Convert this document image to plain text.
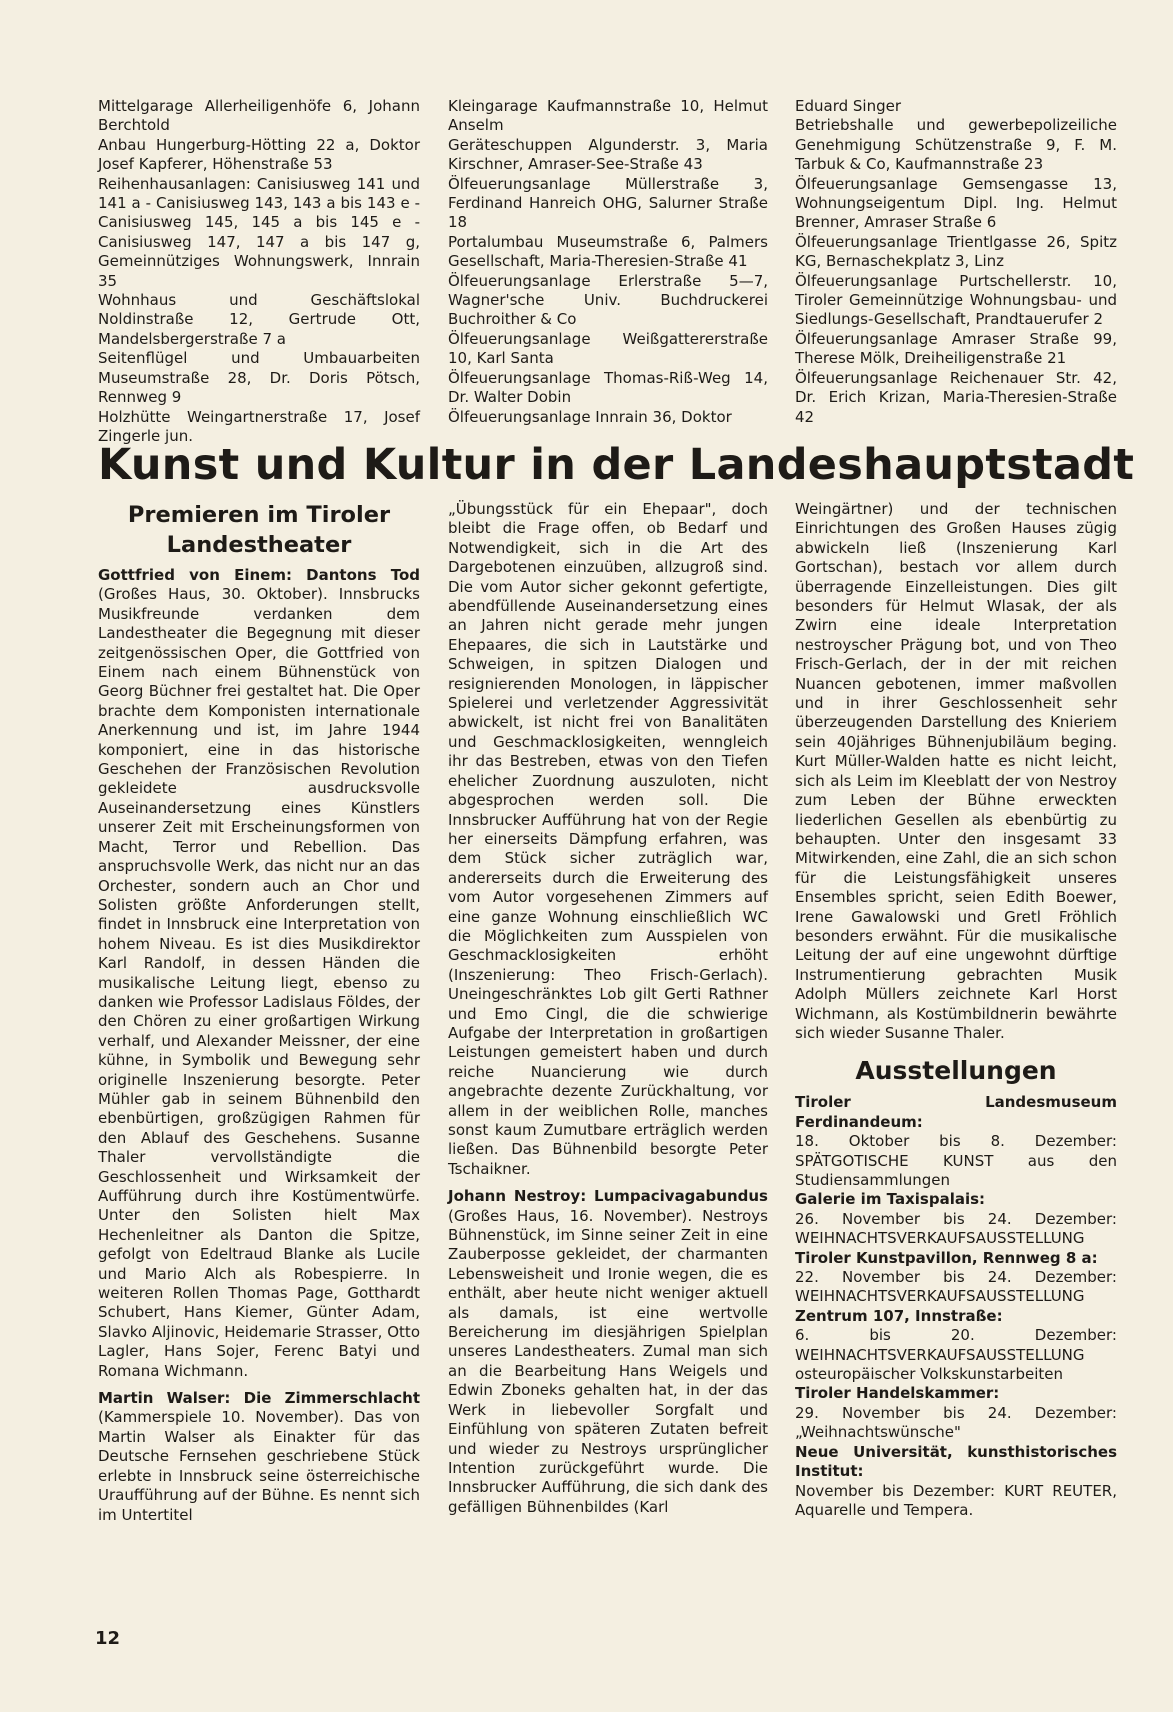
Mittelgarage Allerheiligenhöfe 6, Johann Berchtold

Anbau Hungerburg-Hötting 22 a, Doktor Josef Kapferer, Höhenstraße 53

Reihenhausanlagen: Canisiusweg 141 und 141 a - Canisiusweg 143, 143 a bis 143 e - Canisiusweg 145, 145 a bis 145 e - Canisiusweg 147, 147 a bis 147 g, Gemeinnütziges Wohnungswerk, Innrain 35

Wohnhaus und Geschäftslokal Noldinstraße 12, Gertrude Ott, Mandelsbergerstraße 7 a

Seitenflügel und Umbauarbeiten Museumstraße 28, Dr. Doris Pötsch, Rennweg 9

Holzhütte Weingartnerstraße 17, Josef Zingerle jun.

Kleingarage Kaufmannstraße 10, Helmut Anselm

Geräteschuppen Algunderstr. 3, Maria Kirschner, Amraser-See-Straße 43

Ölfeuerungsanlage Müllerstraße 3, Ferdinand Hanreich OHG, Salurner Straße 18

Portalumbau Museumstraße 6, Palmers Gesellschaft, Maria-Theresien-Straße 41

Ölfeuerungsanlage Erlerstraße 5—7, Wagner'sche Univ. Buchdruckerei Buchroither & Co

Ölfeuerungsanlage Weißgattererstraße 10, Karl Santa

Ölfeuerungsanlage Thomas-Riß-Weg 14, Dr. Walter Dobin

Ölfeuerungsanlage Innrain 36, Doktor

Eduard Singer

Betriebshalle und gewerbepolizeiliche Genehmigung Schützenstraße 9, F. M. Tarbuk & Co, Kaufmannstraße 23

Ölfeuerungsanlage Gemsengasse 13, Wohnungseigentum Dipl. Ing. Helmut Brenner, Amraser Straße 6

Ölfeuerungsanlage Trientlgasse 26, Spitz KG, Bernaschekplatz 3, Linz

Ölfeuerungsanlage Purtschellerstr. 10, Tiroler Gemeinnützige Wohnungsbau- und Siedlungs-Gesellschaft, Prandtauerufer 2

Ölfeuerungsanlage Amraser Straße 99, Therese Mölk, Dreiheiligenstraße 21

Ölfeuerungsanlage Reichenauer Str. 42, Dr. Erich Krizan, Maria-Theresien-Straße 42

Kunst und Kultur in der Landeshauptstadt
Premieren im Tiroler Landestheater

Gottfried von Einem: Dantons Tod (Großes Haus, 30. Oktober). Innsbrucks Musikfreunde verdanken dem Landestheater die Begegnung mit dieser zeitgenössischen Oper, die Gottfried von Einem nach einem Bühnenstück von Georg Büchner frei gestaltet hat. Die Oper brachte dem Komponisten internationale Anerkennung und ist, im Jahre 1944 komponiert, eine in das historische Geschehen der Französischen Revolution gekleidete ausdrucksvolle Auseinandersetzung eines Künstlers unserer Zeit mit Erscheinungsformen von Macht, Terror und Rebellion. Das anspruchsvolle Werk, das nicht nur an das Orchester, sondern auch an Chor und Solisten größte Anforderungen stellt, findet in Innsbruck eine Interpretation von hohem Niveau. Es ist dies Musikdirektor Karl Randolf, in dessen Händen die musikalische Leitung liegt, ebenso zu danken wie Professor Ladislaus Földes, der den Chören zu einer großartigen Wirkung verhalf, und Alexander Meissner, der eine kühne, in Symbolik und Bewegung sehr originelle Inszenierung besorgte. Peter Mühler gab in seinem Bühnenbild den ebenbürtigen, großzügigen Rahmen für den Ablauf des Geschehens. Susanne Thaler vervollständigte die Geschlossenheit und Wirksamkeit der Aufführung durch ihre Kostümentwürfe. Unter den Solisten hielt Max Hechenleitner als Danton die Spitze, gefolgt von Edeltraud Blanke als Lucile und Mario Alch als Robespierre. In weiteren Rollen Thomas Page, Gotthardt Schubert, Hans Kiemer, Günter Adam, Slavko Aljinovic, Heidemarie Strasser, Otto Lagler, Hans Sojer, Ferenc Batyi und Romana Wichmann.

Martin Walser: Die Zimmerschlacht (Kammerspiele 10. November). Das von Martin Walser als Einakter für das Deutsche Fernsehen geschriebene Stück erlebte in Innsbruck seine österreichische Uraufführung auf der Bühne. Es nennt sich im Untertitel

„Übungsstück für ein Ehepaar", doch bleibt die Frage offen, ob Bedarf und Notwendigkeit, sich in die Art des Dargebotenen einzuüben, allzugroß sind. Die vom Autor sicher gekonnt gefertigte, abendfüllende Auseinandersetzung eines an Jahren nicht gerade mehr jungen Ehepaares, die sich in Lautstärke und Schweigen, in spitzen Dialogen und resignierenden Monologen, in läppischer Spielerei und verletzender Aggressivität abwickelt, ist nicht frei von Banalitäten und Geschmacklosigkeiten, wenngleich ihr das Bestreben, etwas von den Tiefen ehelicher Zuordnung auszuloten, nicht abgesprochen werden soll. Die Innsbrucker Aufführung hat von der Regie her einerseits Dämpfung erfahren, was dem Stück sicher zuträglich war, andererseits durch die Erweiterung des vom Autor vorgesehenen Zimmers auf eine ganze Wohnung einschließlich WC die Möglichkeiten zum Ausspielen von Geschmacklosigkeiten erhöht (Inszenierung: Theo Frisch-Gerlach). Uneingeschränktes Lob gilt Gerti Rathner und Emo Cingl, die die schwierige Aufgabe der Interpretation in großartigen Leistungen gemeistert haben und durch reiche Nuancierung wie durch angebrachte dezente Zurückhaltung, vor allem in der weiblichen Rolle, manches sonst kaum Zumutbare erträglich werden ließen. Das Bühnenbild besorgte Peter Tschaikner.

Johann Nestroy: Lumpacivagabundus (Großes Haus, 16. November). Nestroys Bühnenstück, im Sinne seiner Zeit in eine Zauberposse gekleidet, der charmanten Lebensweisheit und Ironie wegen, die es enthält, aber heute nicht weniger aktuell als damals, ist eine wertvolle Bereicherung im diesjährigen Spielplan unseres Landestheaters. Zumal man sich an die Bearbeitung Hans Weigels und Edwin Zboneks gehalten hat, in der das Werk in liebevoller Sorgfalt und Einfühlung von späteren Zutaten befreit und wieder zu Nestroys ursprünglicher Intention zurückgeführt wurde. Die Innsbrucker Aufführung, die sich dank des gefälligen Bühnenbildes (Karl

Weingärtner) und der technischen Einrichtungen des Großen Hauses zügig abwickeln ließ (Inszenierung Karl Gortschan), bestach vor allem durch überragende Einzelleistungen. Dies gilt besonders für Helmut Wlasak, der als Zwirn eine ideale Interpretation nestroyscher Prägung bot, und von Theo Frisch-Gerlach, der in der mit reichen Nuancen gebotenen, immer maßvollen und in ihrer Geschlossenheit sehr überzeugenden Darstellung des Knieriem sein 40jähriges Bühnenjubiläum beging. Kurt Müller-Walden hatte es nicht leicht, sich als Leim im Kleeblatt der von Nestroy zum Leben der Bühne erweckten liederlichen Gesellen als ebenbürtig zu behaupten. Unter den insgesamt 33 Mitwirkenden, eine Zahl, die an sich schon für die Leistungsfähigkeit unseres Ensembles spricht, seien Edith Boewer, Irene Gawalowski und Gretl Fröhlich besonders erwähnt. Für die musikalische Leitung der auf eine ungewohnt dürftige Instrumentierung gebrachten Musik Adolph Müllers zeichnete Karl Horst Wichmann, als Kostümbildnerin bewährte sich wieder Susanne Thaler.

Ausstellungen

Tiroler Landesmuseum Ferdinandeum:
18. Oktober bis 8. Dezember: SPÄTGOTISCHE KUNST aus den Studiensammlungen

Galerie im Taxispalais:
26. November bis 24. Dezember: WEIHNACHTSVERKAUFSAUSSTELLUNG

Tiroler Kunstpavillon, Rennweg 8 a:
22. November bis 24. Dezember: WEIHNACHTSVERKAUFSAUSSTELLUNG

Zentrum 107, Innstraße:
6. bis 20. Dezember: WEIHNACHTSVERKAUFSAUSSTELLUNG osteuropäischer Volkskunstarbeiten

Tiroler Handelskammer:
29. November bis 24. Dezember: „Weihnachtswünsche"

Neue Universität, kunsthistorisches Institut:
November bis Dezember: KURT REUTER, Aquarelle und Tempera.

12
